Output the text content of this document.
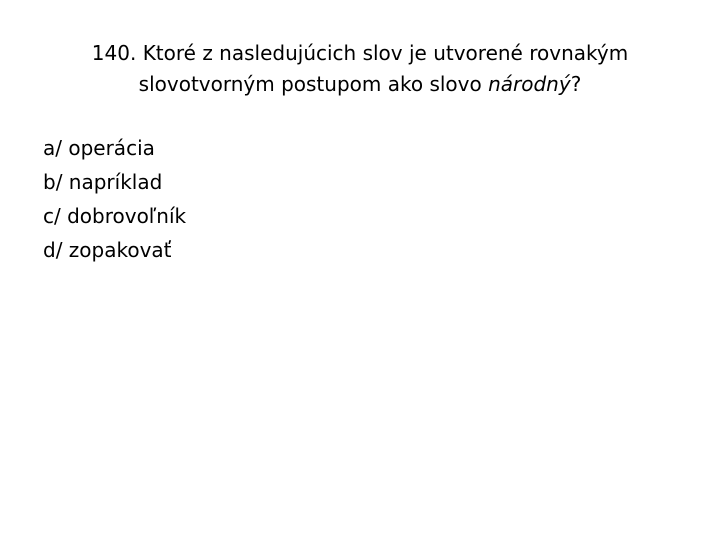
140. Ktoré z nasledujúcich slov je utvorené rovnakým
slovotvorným postupom ako slovo národný?
a/ operácia
b/ napríklad
c/ dobrovoľník
d/ zopakovať
